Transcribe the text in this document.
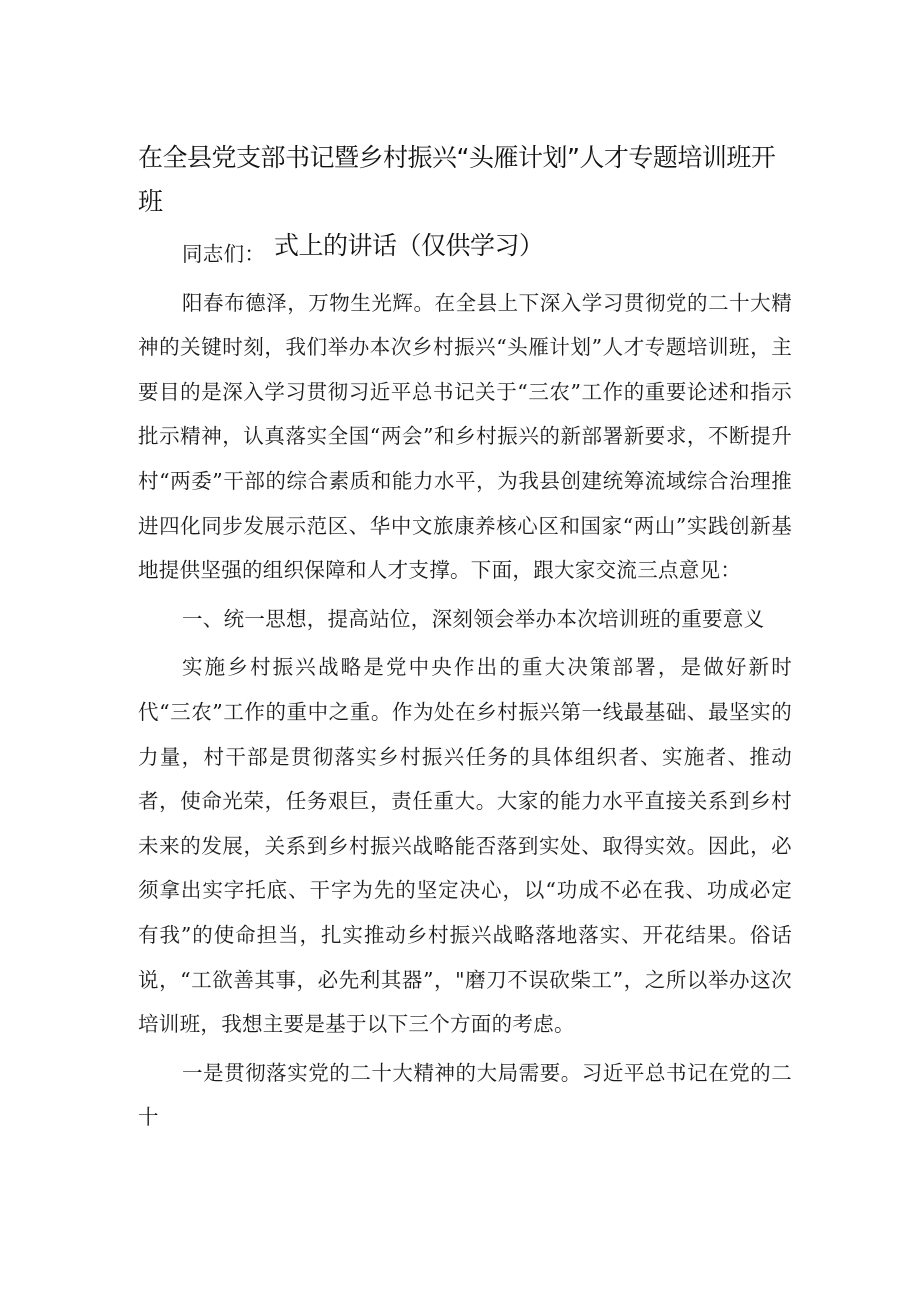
在全县党支部书记暨乡村振兴“头雁计划”人才专题培训班开班
式上的讲话（仅供学习）

同志们：

阳春布德泽，万物生光辉。在全县上下深入学习贯彻党的二十大精神的关键时刻，我们举办本次乡村振兴“头雁计划”人才专题培训班，主要目的是深入学习贯彻习近平总书记关于“三农”工作的重要论述和指示批示精神，认真落实全国“两会”和乡村振兴的新部署新要求，不断提升村“两委”干部的综合素质和能力水平，为我县创建统筹流域综合治理推进四化同步发展示范区、华中文旅康养核心区和国家“两山”实践创新基地提供坚强的组织保障和人才支撑。下面，跟大家交流三点意见：

一、统一思想，提高站位，深刻领会举办本次培训班的重要意义

实施乡村振兴战略是党中央作出的重大决策部署，是做好新时代“三农”工作的重中之重。作为处在乡村振兴第一线最基础、最坚实的力量，村干部是贯彻落实乡村振兴任务的具体组织者、实施者、推动者，使命光荣，任务艰巨，责任重大。大家的能力水平直接关系到乡村未来的发展，关系到乡村振兴战略能否落到实处、取得实效。因此，必须拿出实字托底、干字为先的坚定决心，以“功成不必在我、功成必定有我”的使命担当，扎实推动乡村振兴战略落地落实、开花结果。俗话说，“工欲善其事，必先利其器”，"磨刀不误砍柴工”，之所以举办这次培训班，我想主要是基于以下三个方面的考虑。

一是贯彻落实党的二十大精神的大局需要。习近平总书记在党的二十
